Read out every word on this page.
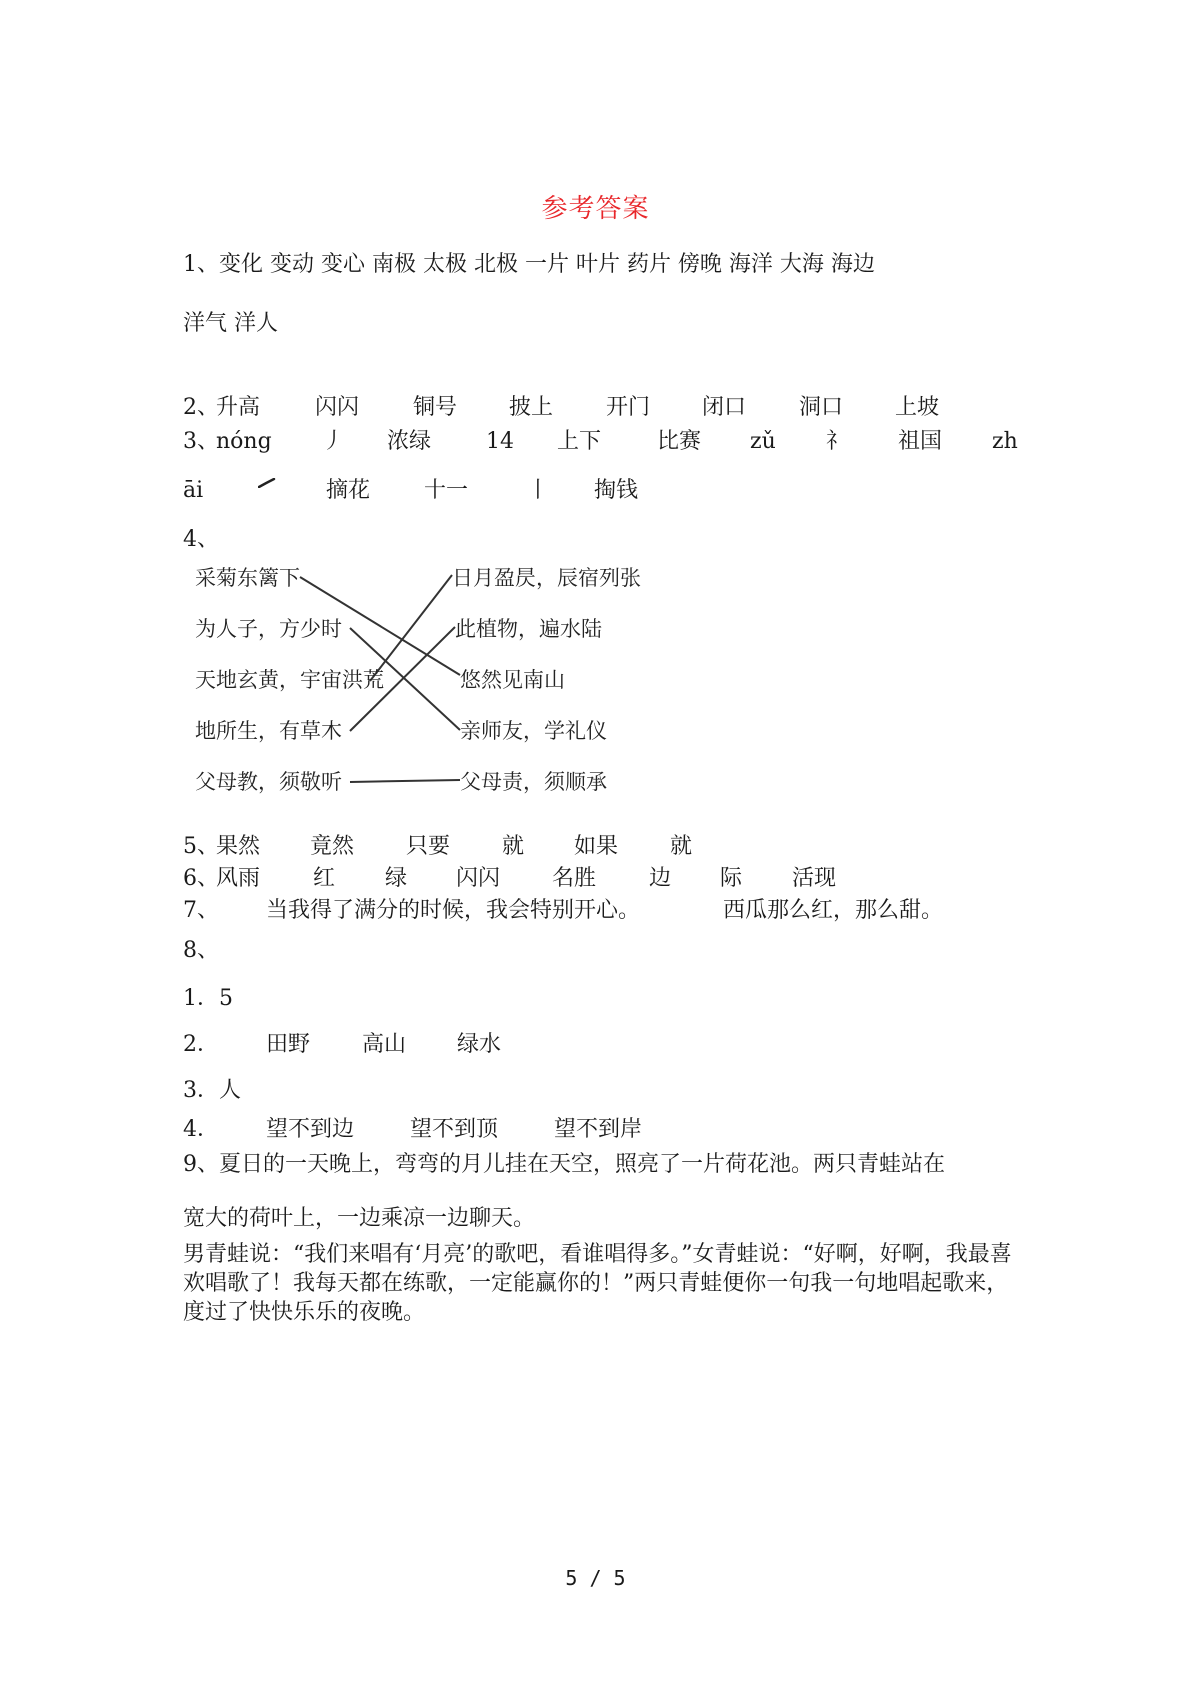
参考答案
1、变化 变动 变心 南极 太极 北极 一片 叶片 药片 傍晚 海洋 大海 海边
洋气 洋人
2、
升高 闪闪 铜号 披上 开门 闭口 洞口 上坡
3、
nóng 丿 浓绿 14 上下	比赛 zǔ 礻 祖国 zh
āi	摘花 十一	丨 掏钱
4、
采菊东篱下
为人子，方少时
天地玄黄，宇宙洪荒
地所生，有草木
父母教，须敬听
日月盈昃，辰宿列张
此植物，遍水陆
悠然见南山
亲师友，学礼仪
父母责，须顺承
5、
果然 竟然 只要 就 如果 就
6、
风雨 红 绿 闪闪 名胜 边 际 活现
7、 当我得了满分的时候，我会特别开心。	西瓜那么红，那么甜。
8、
1．5
2． 田野 高山 绿水
3．人
4． 望不到边	望不到顶	望不到岸
9、夏日的一天晚上，弯弯的月儿挂在天空，照亮了一片荷花池。两只青蛙站在
宽大的荷叶上，一边乘凉一边聊天。
男青蛙说：“我们来唱有‘月亮’的歌吧，看谁唱得多。”女青蛙说：“好啊，好啊，我最喜欢唱歌了！我每天都在练歌，一定能赢你的！”两只青蛙便你一句我一句地唱起歌来，度过了快快乐乐的夜晚。
5 / 5
